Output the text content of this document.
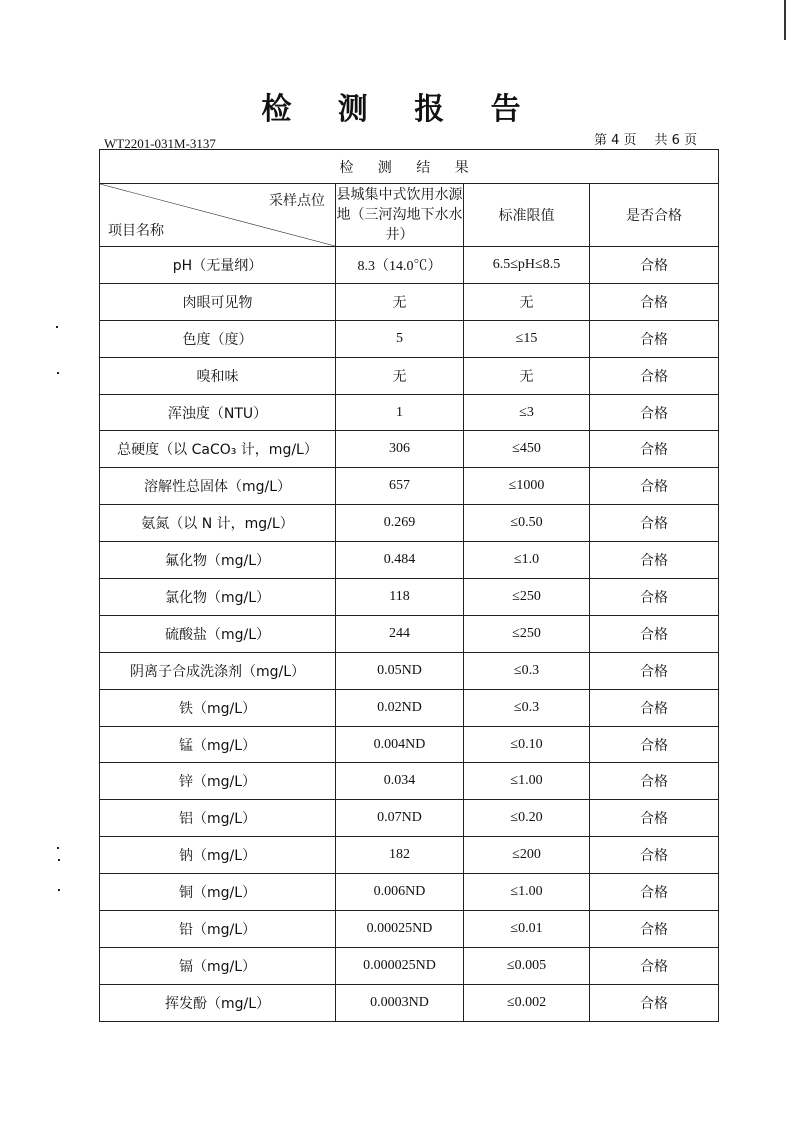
检 测 报 告
WT2201-031M-3137	第 4 页 共 6 页
检 测 结 果			

采样点位
项目名称	县城集中式饮用水源地（三河沟地下水水井）	标准限值	是否合格
pH（无量纲）	8.3（14.0℃）	6.5≤pH≤8.5	合格
肉眼可见物	无	无	合格
色度（度）	5	≤15	合格
嗅和味	无	无	合格
浑浊度（NTU）	1	≤3	合格
总硬度（以 CaCO₃ 计，mg/L）	306	≤450	合格
溶解性总固体（mg/L）	657	≤1000	合格
氨氮（以 N 计，mg/L）	0.269	≤0.50	合格
氟化物（mg/L）	0.484	≤1.0	合格
氯化物（mg/L）	118	≤250	合格
硫酸盐（mg/L）	244	≤250	合格
阴离子合成洗涤剂（mg/L）	0.05ND	≤0.3	合格
铁（mg/L）	0.02ND	≤0.3	合格
锰（mg/L）	0.004ND	≤0.10	合格
锌（mg/L）	0.034	≤1.00	合格
铝（mg/L）	0.07ND	≤0.20	合格
钠（mg/L）	182	≤200	合格
铜（mg/L）	0.006ND	≤1.00	合格
铅（mg/L）	0.00025ND	≤0.01	合格
镉（mg/L）	0.000025ND	≤0.005	合格
挥发酚（mg/L）	0.0003ND	≤0.002	合格
